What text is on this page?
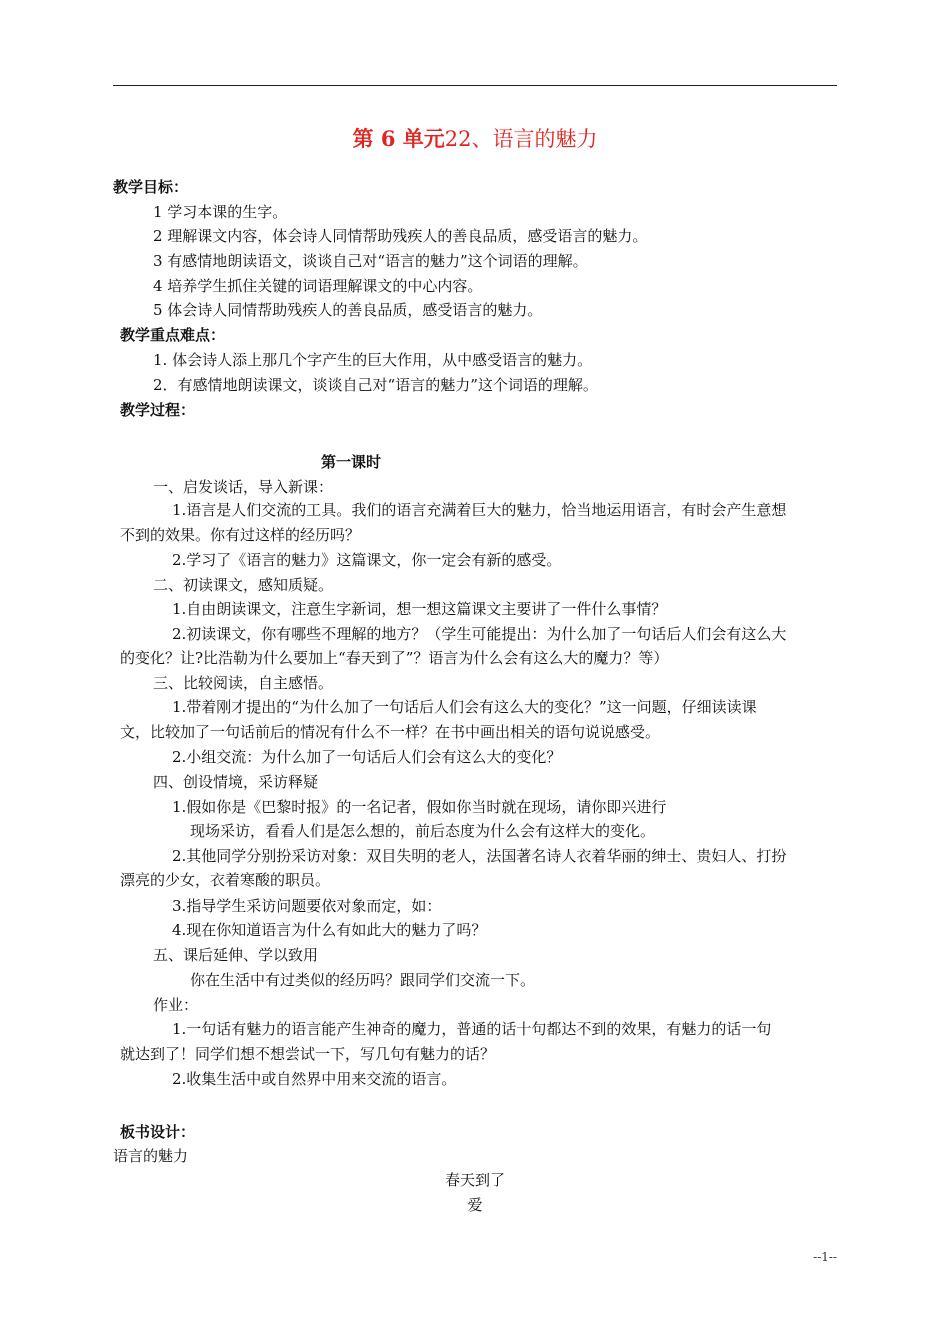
第 6 单元22、语言的魅力
教学目标：
1 学习本课的生字。
2 理解课文内容，体会诗人同情帮助残疾人的善良品质，感受语言的魅力。
3 有感情地朗读语文，谈谈自己对“语言的魅力”这个词语的理解。
4 培养学生抓住关键的词语理解课文的中心内容。
5 体会诗人同情帮助残疾人的善良品质，感受语言的魅力。
教学重点难点：
1. 体会诗人添上那几个字产生的巨大作用，从中感受语言的魅力。
2．有感情地朗读课文，谈谈自己对“语言的魅力”这个词语的理解。
教学过程：
第一课时
一、启发谈话，导入新课：
1.语言是人们交流的工具。我们的语言充满着巨大的魅力，恰当地运用语言，有时会产生意想
不到的效果。你有过这样的经历吗？
2.学习了《语言的魅力》这篇课文，你一定会有新的感受。
二、初读课文，感知质疑。
1.自由朗读课文，注意生字新词，想一想这篇课文主要讲了一件什么事情？
2.初读课文，你有哪些不理解的地方？（学生可能提出：为什么加了一句话后人们会有这么大
的变化？让?比浩勒为什么要加上“春天到了”？语言为什么会有这么大的魔力？等）
三、比较阅读，自主感悟。
1.带着刚才提出的“为什么加了一句话后人们会有这么大的变化？”这一问题，仔细读读课
文，比较加了一句话前后的情况有什么不一样？在书中画出相关的语句说说感受。
2.小组交流：为什么加了一句话后人们会有这么大的变化？
四、创设情境，采访释疑
1.假如你是《巴黎时报》的一名记者，假如你当时就在现场，请你即兴进行
现场采访，看看人们是怎么想的，前后态度为什么会有这样大的变化。
2.其他同学分别扮采访对象：双目失明的老人，法国著名诗人衣着华丽的绅士、贵妇人、打扮
漂亮的少女，衣着寒酸的职员。
3.指导学生采访问题要依对象而定，如：
4.现在你知道语言为什么有如此大的魅力了吗？
五、课后延伸、学以致用
你在生活中有过类似的经历吗？跟同学们交流一下。
作业：
1.一句话有魅力的语言能产生神奇的魔力，普通的话十句都达不到的效果，有魅力的话一句
就达到了！同学们想不想尝试一下，写几句有魅力的话？
2.收集生活中或自然界中用来交流的语言。
板书设计：
语言的魅力
春天到了
爱
--1--
